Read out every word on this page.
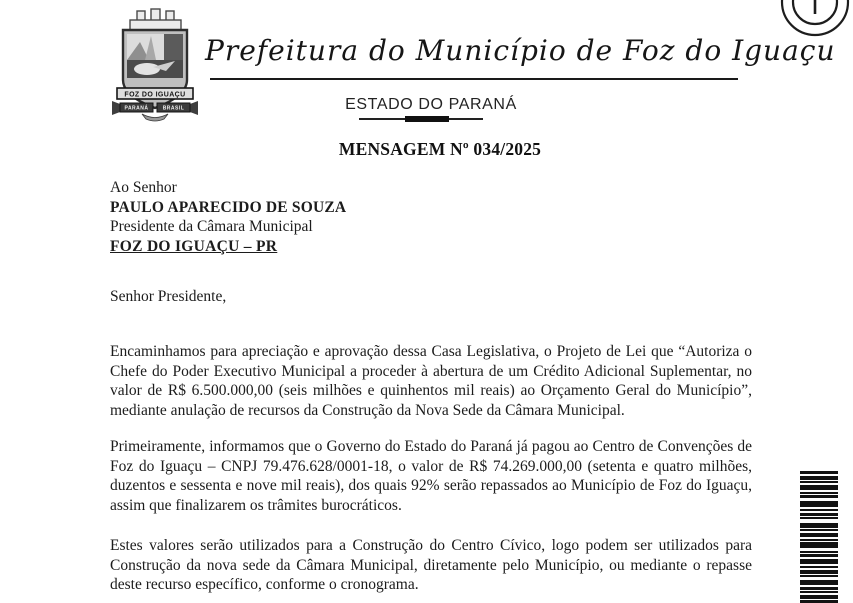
FOZ DO IGUAÇU
PARANÁ	BRASIL
Prefeitura do Município de Foz do Iguaçu
ESTADO DO PARANÁ
MENSAGEM Nº 034/2025
Ao Senhor
PAULO APARECIDO DE SOUZA
Presidente da Câmara Municipal
FOZ DO IGUAÇU – PR
Senhor Presidente,

Encaminhamos para apreciação e aprovação dessa Casa Legislativa, o Projeto de Lei que “Autoriza o Chefe do Poder Executivo Municipal a proceder à abertura de um Crédito Adicional Suplementar, no valor de R$ 6.500.000,00 (seis milhões e quinhentos mil reais) ao Orçamento Geral do Município”, mediante anulação de recursos da Construção da Nova Sede da Câmara Municipal.

Primeiramente, informamos que o Governo do Estado do Paraná já pagou ao Centro de Convenções de Foz do Iguaçu – CNPJ 79.476.628/0001-18, o valor de R$ 74.269.000,00 (setenta e quatro milhões, duzentos e sessenta e nove mil reais), dos quais 92% serão repassados ao Município de Foz do Iguaçu, assim que finalizarem os trâmites burocráticos.

Estes valores serão utilizados para a Construção do Centro Cívico, logo podem ser utilizados para Construção da nova sede da Câmara Municipal, diretamente pelo Município, ou mediante o repasse deste recurso específico, conforme o cronograma.
